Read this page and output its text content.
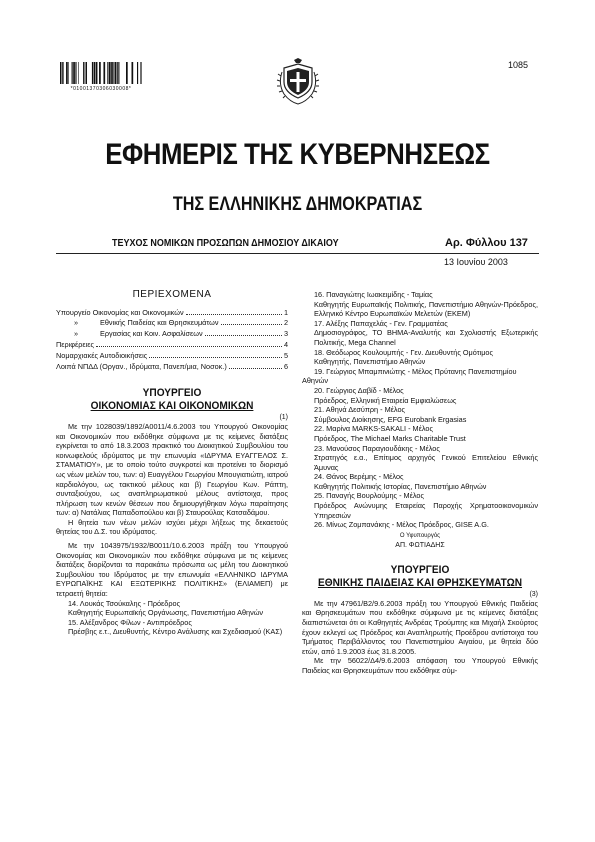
*01001370306030008*
1085
ΕΦΗΜΕΡΙΣ ΤΗΣ ΚΥΒΕΡΝΗΣΕΩΣ
ΤΗΣ ΕΛΛΗΝΙΚΗΣ ΔΗΜΟΚΡΑΤΙΑΣ
ΤΕΥΧΟΣ ΝΟΜΙΚΩΝ ΠΡΟΣΩΠΩΝ ΔΗΜΟΣΙΟΥ ΔΙΚΑΙΟΥ	Αρ. Φύλλου 137
13 Ιουνίου 2003
ΠΕΡΙΕΧΟΜΕΝΑ
Υπουργείο Οικονομίας και Οικονομικών	1
»	Εθνικής Παιδείας και Θρησκευμάτων	2
»	Εργασίας και Κοιν. Ασφαλίσεων	3
Περιφέρειες	4
Νομαρχιακές Αυτοδιοικήσεις	5
Λοιπά ΝΠΔΔ (Οργαν., Ιδρύματα, Πανεπ/μια, Νοσοκ.)	6
ΥΠΟΥΡΓΕΙΟ
ΟΙΚΟΝΟΜΙΑΣ ΚΑΙ ΟΙΚΟΝΟΜΙΚΩΝ
(1)

Με την 1028039/1892/Α0011/4.6.2003 του Υπουργού Οικονομίας και Οικονομικών που εκδόθηκε σύμφωνα με τις κείμενες διατάξεις εγκρίνεται το από 18.3.2003 πρακτικό του Διοικητικού Συμβουλίου του κοινωφελούς ιδρύματος με την επωνυμία «ΙΔΡΥΜΑ ΕΥΑΓΓΕΛΟΣ Σ. ΣΤΑΜΑΤΙΟΥ», με το οποίο τούτο συγκροτεί και προτείνει το διορισμό ως νέων μελών του, των: α) Ευαγγέλου Γεωργίου Μπουγιατιώτη, ιατρού καρδιολόγου, ως τακτικού μέλους και β) Γεωργίου Κων. Ράπτη, συνταξιούχου, ως αναπληρωματικού μέλους αντίστοιχα, προς πλήρωση των κενών θέσεων που δημιουργήθηκαν λόγω παραίτησης των: α) Νατάλιας Παπαδοπούλου και β) Σταυρούλας Κατσαδάμου.

Η θητεία των νέων μελών ισχύει μέχρι λήξεως της δεκαετούς θητείας του Δ.Σ. του ιδρύματος.

Με την 1043975/1932/Β0011/10.6.2003 πράξη του Υπουργού Οικονομίας και Οικονομικών που εκδόθηκε σύμφωνα με τις κείμενες διατάξεις διορίζονται τα παρακάτω πρόσωπα ως μέλη του Διοικητικού Συμβουλίου του Ιδρύματος με την επωνυμία «ΕΛΛΗΝΙΚΟ ΙΔΡΥΜΑ ΕΥΡΩΠΑΪΚΗΣ ΚΑΙ ΕΞΩΤΕΡΙΚΗΣ ΠΟΛΙΤΙΚΗΣ» (ΕΛΙΑΜΕΠ) με τετραετή θητεία:

14. Λουκάς Τσούκαλης - Πρόεδρος
Καθηγητής Ευρωπαϊκής Οργάνωσης, Πανεπιστήμιο Αθηνών
15. Αλέξανδρος Φίλων - Αντιπρόεδρος
Πρέσβης ε.τ., Διευθυντής, Κέντρο Ανάλυσης και Σχεδιασμού (ΚΑΣ)
16. Παναγιώτης Ιωακειμίδης - Ταμίας
Καθηγητής Ευρωπαϊκής Πολιτικής, Πανεπιστήμιο Αθηνών-Πρόεδρος, Ελληνικό Κέντρο Ευρωπαϊκών Μελετών (ΕΚΕΜ)
17. Αλέξης Παπαχελάς - Γεν. Γραμματέας
Δημοσιογράφος, ΤΟ ΒΗΜΑ-Αναλυτής και Σχολιαστής Εξωτερικής Πολιτικής, Mega Channel
18. Θεόδωρος Κουλουμπής - Γεν. Διευθυντής Ομότιμος
Καθηγητής, Πανεπιστήμιο Αθηνών
19. Γεώργιος Μπαμπινιώτης - Μέλος Πρύτανης Πανεπιστημίου Αθηνών
20. Γεώργιος Δαβίδ - Μέλος
Πρόεδρος, Ελληνική Εταιρεία Εμφιαλώσεως
21. Αθηνά Δεσύπρη - Μέλος
Σύμβουλος Διοίκησης, EFG Eurobank Ergasias
22. Μαρίνα MARKS-SAKALI - Μέλος
Πρόεδρος, The Michael Marks Charitable Trust
23. Μανούσος Παραγιουδάκης - Μέλος
Στρατηγός ε.α., Επίτιμος αρχηγός Γενικού Επιτελείου Εθνικής Άμυνας
24. Θάνος Βερέμης - Μέλος
Καθηγητής Πολιτικής Ιστορίας, Πανεπιστήμιο Αθηνών
25. Παναγής Βουρλούμης - Μέλος
Πρόεδρος Ανώνυμης Εταιρείας Παροχής Χρηματοοικονομικών Υπηρεσιών
26. Μίνως Ζομπανάκης - Μέλος Πρόεδρος, GISE A.G.
Ο Υφυπουργός
ΑΠ. ΦΩΤΙΑΔΗΣ
ΥΠΟΥΡΓΕΙΟ
ΕΘΝΙΚΗΣ ΠΑΙΔΕΙΑΣ ΚΑΙ ΘΡΗΣΚΕΥΜΑΤΩΝ
(3)

Με την 47961/Β2/9.6.2003 πράξη του Υπουργού Εθνικής Παιδείας και Θρησκευμάτων που εκδόθηκε σύμφωνα με τις κείμενες διατάξεις διαπιστώνεται ότι οι Καθηγητές Ανδρέας Τρούμπης και Μιχαήλ Σκούρτος έχουν εκλεγεί ως Πρόεδρος και Αναπληρωτής Προέδρου αντίστοιχα του Τμήματος Περιβάλλοντος του Πανεπιστημίου Αιγαίου, με θητεία δύο ετών, από 1.9.2003 έως 31.8.2005.

Με την 56022/Δ4/9.6.2003 απόφαση του Υπουργού Εθνικής Παιδείας και Θρησκευμάτων που εκδόθηκε σύμ-
